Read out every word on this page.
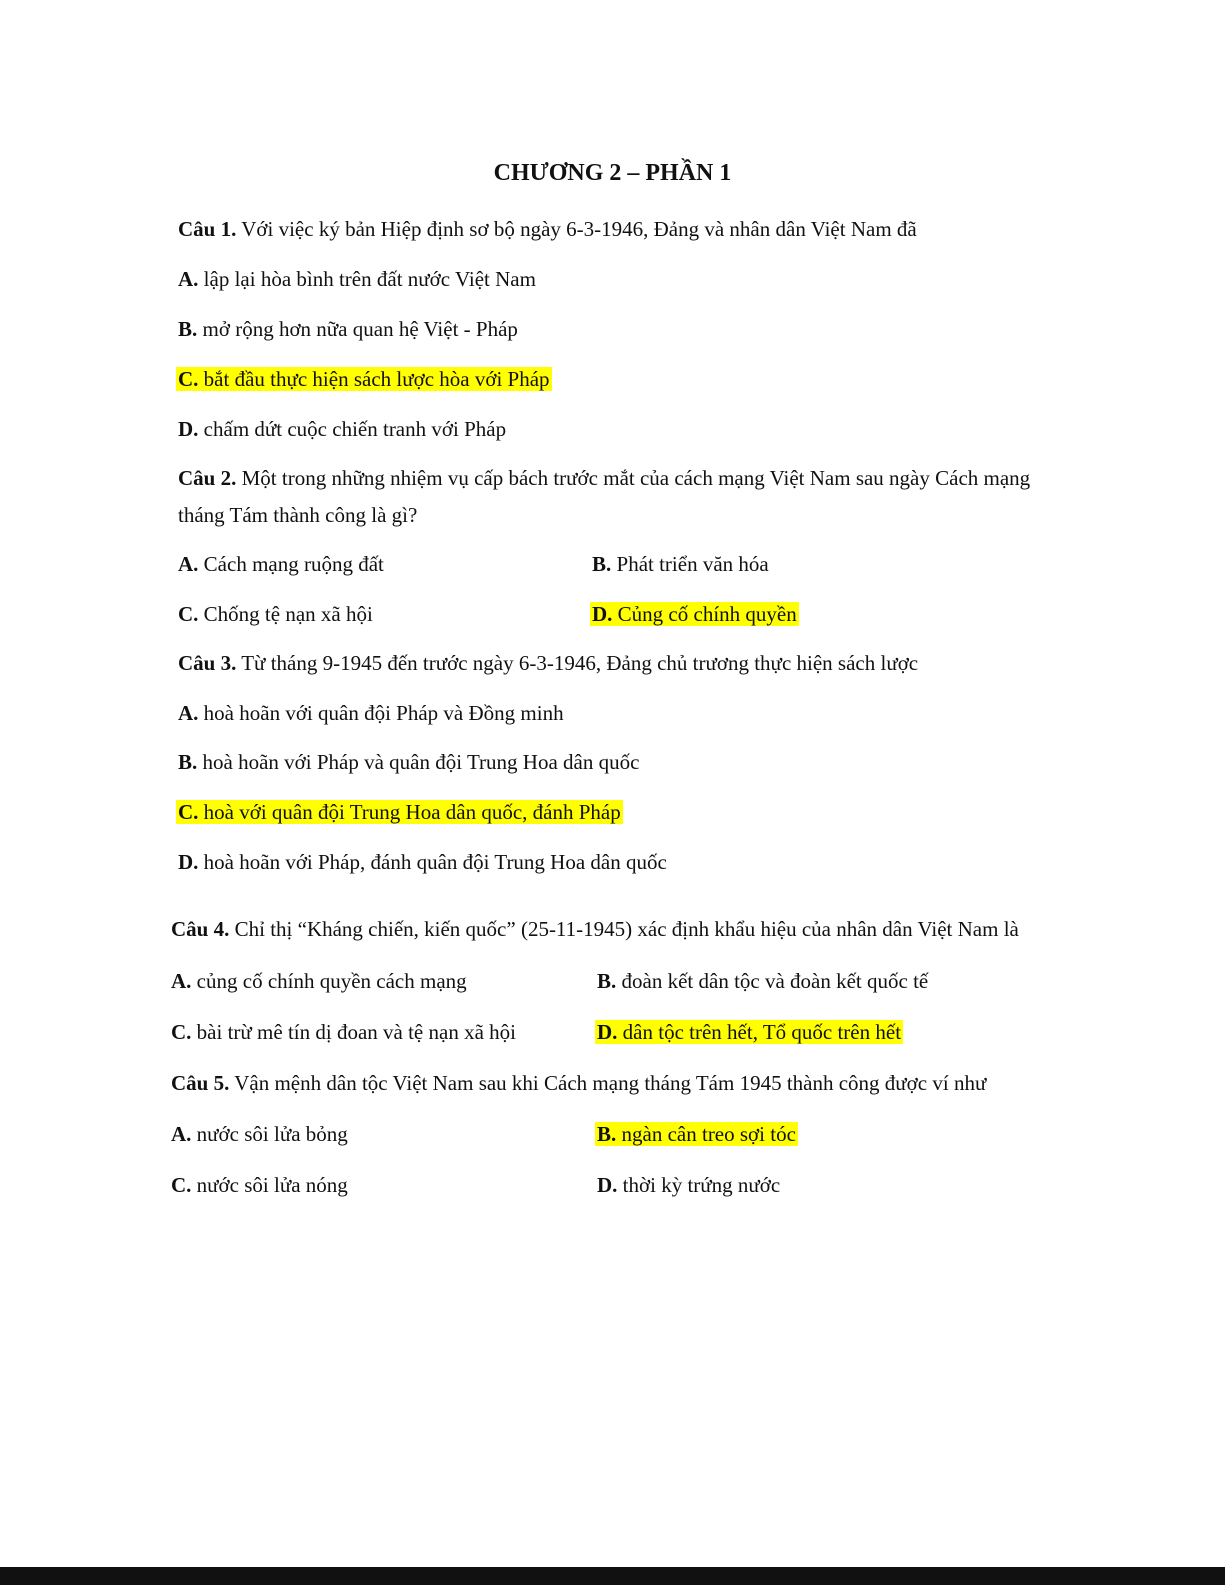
CHƯƠNG 2 – PHẦN 1
Câu 1. Với việc ký bản Hiệp định sơ bộ ngày 6-3-1946, Đảng và nhân dân Việt Nam đã
A. lập lại hòa bình trên đất nước Việt Nam
B. mở rộng hơn nữa quan hệ Việt - Pháp
C. bắt đầu thực hiện sách lược hòa với Pháp
D. chấm dứt cuộc chiến tranh với Pháp
Câu 2. Một trong những nhiệm vụ cấp bách trước mắt của cách mạng Việt Nam sau ngày Cách mạng
tháng Tám thành công là gì?
A. Cách mạng ruộng đất	B. Phát triển văn hóa
C. Chống tệ nạn xã hội	D. Củng cố chính quyền
Câu 3. Từ tháng 9-1945 đến trước ngày 6-3-1946, Đảng chủ trương thực hiện sách lược
A. hoà hoãn với quân đội Pháp và Đồng minh
B. hoà hoãn với Pháp và quân đội Trung Hoa dân quốc
C. hoà với quân đội Trung Hoa dân quốc, đánh Pháp
D. hoà hoãn với Pháp, đánh quân đội Trung Hoa dân quốc
Câu 4. Chỉ thị “Kháng chiến, kiến quốc” (25-11-1945) xác định khẩu hiệu của nhân dân Việt Nam là
A. củng cố chính quyền cách mạng	B. đoàn kết dân tộc và đoàn kết quốc tế
C. bài trừ mê tín dị đoan và tệ nạn xã hội	D. dân tộc trên hết, Tổ quốc trên hết
Câu 5. Vận mệnh dân tộc Việt Nam sau khi Cách mạng tháng Tám 1945 thành công được ví như
A. nước sôi lửa bỏng	B. ngàn cân treo sợi tóc
C. nước sôi lửa nóng	D. thời kỳ trứng nước
